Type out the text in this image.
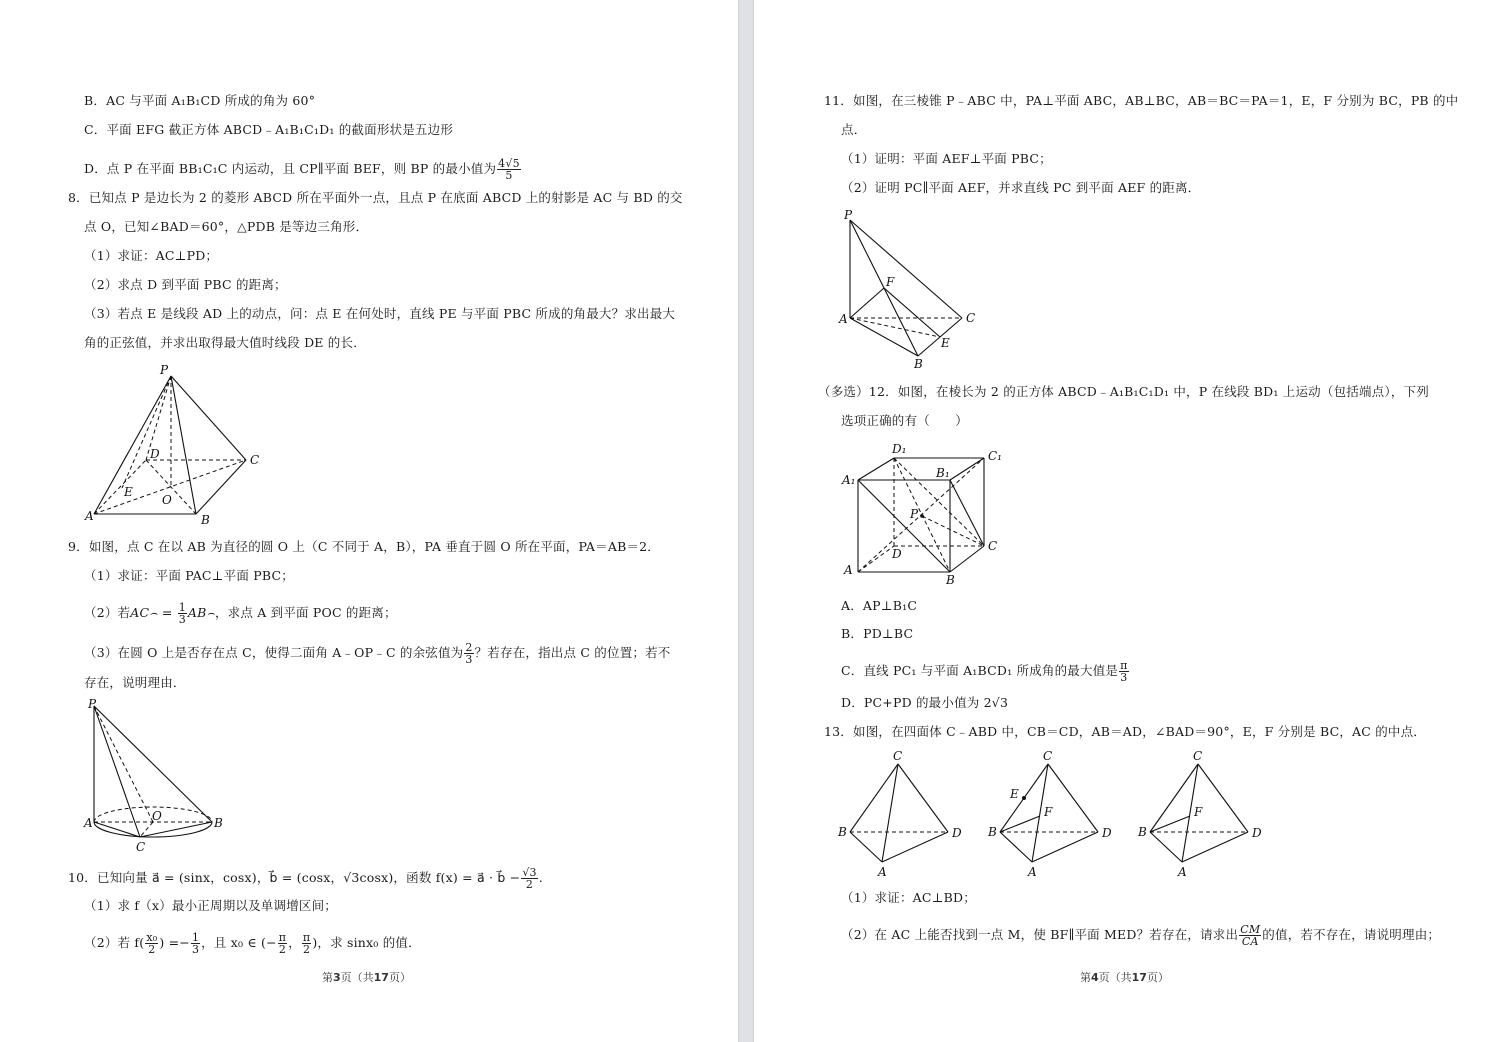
B．AC 与平面 A₁B₁CD 所成的角为 60°
C．平面 EFG 截正方体 ABCD﹣A₁B₁C₁D₁ 的截面形状是五边形
D．点 P 在平面 BB₁C₁C 内运动，且 CP∥平面 BEF，则 BP 的最小值为 $\frac{4√5}{5}$
8．已知点 P 是边长为 2 的菱形 ABCD 所在平面外一点，且点 P 在底面 ABCD 上的射影是 AC 与 BD 的交
点 O，已知∠BAD＝60°，△PDB 是等边三角形．
（1）求证：AC⊥PD；
（2）求点 D 到平面 PBC 的距离；
（3）若点 E 是线段 AD 上的动点，问：点 E 在何处时，直线 PE 与平面 PBC 所成的角最大？求出最大
角的正弦值，并求出取得最大值时线段 DE 的长．
P
D	C
E
O
A	B
9．如图，点 C 在以 AB 为直径的圆 O 上（C 不同于 A，B），PA 垂直于圆 O 所在平面，PA＝AB＝2．
（1）求证：平面 PAC⊥平面 PBC；
（2）若AC⌢ = $\frac{1}{3}$ AB⌢，求点 A 到平面 POC 的距离；
（3）在圆 O 上是否存在点 C，使得二面角 A﹣OP﹣C 的余弦值为 $\frac{2}{3}$ ？若存在，指出点 C 的位置；若不
存在，说明理由．
P
A	O	B
C
10．已知向量 a⃗ = (sinx，cosx)，b⃗ = (cosx，√3cosx)，函数 f(x) = a⃗ · b⃗ − $\frac{√3}{2}$ .
（1）求 f（x）最小正周期以及单调增区间；
（2）若 $f( \frac{\text{x₀}}{2}$ ) =− $\frac{1}{3}$ ，且 x₀ ∈ (− $\frac{\pi}{2}$ ， $\frac{\pi}{2}$ )，求 sinx₀ 的值．
第3页（共17页）
11．如图，在三棱锥 P﹣ABC 中，PA⊥平面 ABC，AB⊥BC，AB＝BC＝PA＝1，E，F 分别为 BC，PB 的中
点．
（1）证明：平面 AEF⊥平面 PBC；
（2）证明 PC∥平面 AEF，并求直线 PC 到平面 AEF 的距离．
P
F
A	C
E
B
（多选）12．如图，在棱长为 2 的正方体 ABCD﹣A₁B₁C₁D₁ 中，P 在线段 BD₁ 上运动（包括端点），下列
选项正确的有（　　）
D₁	C₁
A₁	B₁
P
D
C
A
B
A．AP⊥B₁C
B．PD⊥BC
C．直线 PC₁ 与平面 A₁BCD₁ 所成角的最大值是 $\frac{\pi}{3}$
D．PC+PD 的最小值为 2√3
13．如图，在四面体 C﹣ABD 中，CB＝CD，AB＝AD，∠BAD＝90°，E，F 分别是 BC，AC 的中点．
C
B	D
A
C
E
F
B	D
A
C
F
B	D
A
（1）求证：AC⊥BD；
（2）在 AC 上能否找到一点 M，使 BF∥平面 MED？若存在，请求出 $\frac{CM}{CA}$ 的值，若不存在，请说明理由；
第4页（共17页）
